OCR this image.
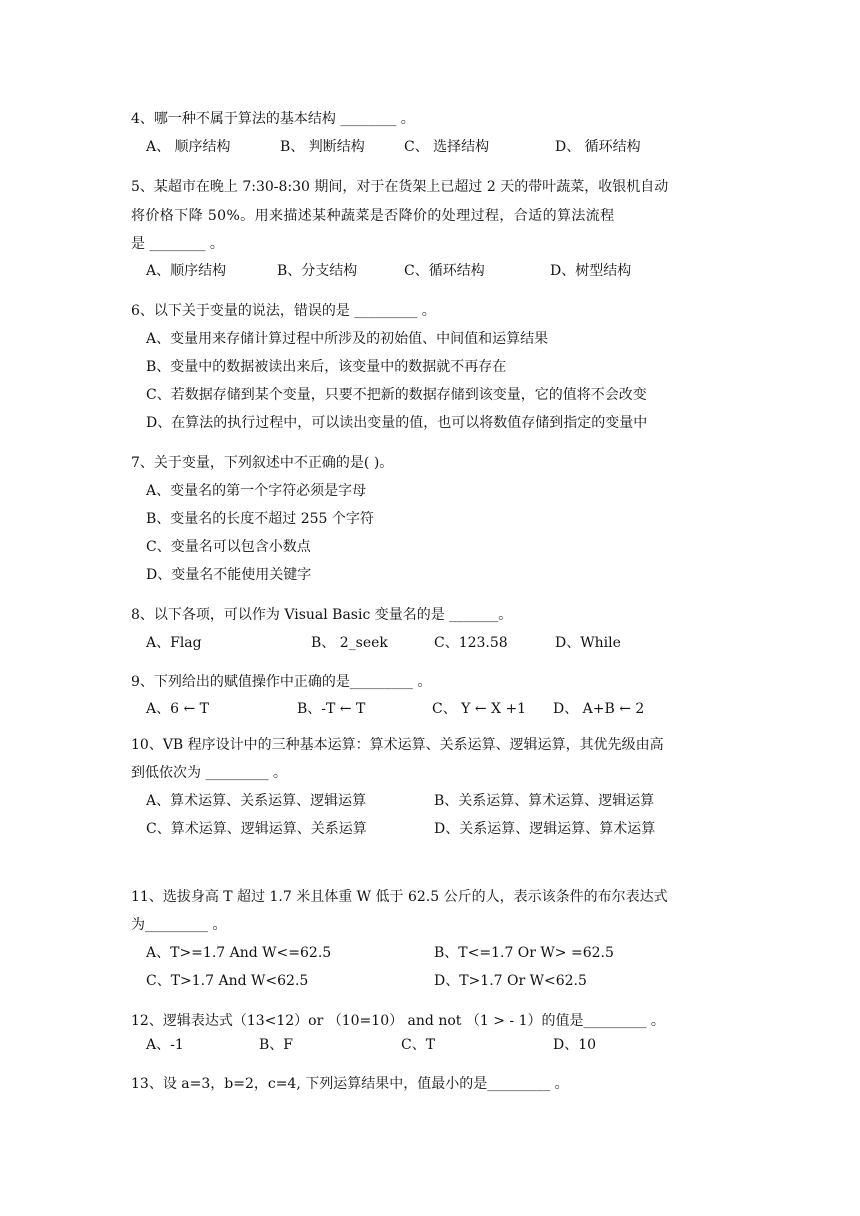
4、哪一种不属于算法的基本结构 ________ 。
A、 顺序结构	B、 判断结构	C、 选择结构	D、 循环结构
5、某超市在晚上 7:30-8:30 期间，对于在货架上已超过 2 天的带叶蔬菜，收银机自动
将价格下降 50%。用来描述某种蔬菜是否降价的处理过程，合适的算法流程
是 ________ 。
A、顺序结构	B、分支结构	C、循环结构	D、树型结构
6、以下关于变量的说法，错误的是 _________ 。
A、变量用来存储计算过程中所涉及的初始值、中间值和运算结果
B、变量中的数据被读出来后，该变量中的数据就不再存在
C、若数据存储到某个变量，只要不把新的数据存储到该变量，它的值将不会改变
D、在算法的执行过程中，可以读出变量的值，也可以将数值存储到指定的变量中
7、关于变量，下列叙述中不正确的是( )。
A、变量名的第一个字符必须是字母
B、变量名的长度不超过 255 个字符
C、变量名可以包含小数点
D、变量名不能使用关键字
8、以下各项，可以作为 Visual Basic 变量名的是 _______。
A、Flag	B、 2_seek	C、123.58	D、While
9、下列给出的赋值操作中正确的是_________ 。
A、6 ← T	B、-T ← T	C、 Y ← X +1 D、 A+B ← 2
10、VB 程序设计中的三种基本运算：算术运算、关系运算、逻辑运算，其优先级由高
到低依次为 _________ 。
A、算术运算、关系运算、逻辑运算	B、关系运算、算术运算、逻辑运算
C、算术运算、逻辑运算、关系运算	D、关系运算、逻辑运算、算术运算
11、选拔身高 T 超过 1.7 米且体重 W 低于 62.5 公斤的人，表示该条件的布尔表达式
为_________ 。
A、T>=1.7 And W<=62.5	B、T<=1.7 Or W> =62.5
C、T>1.7 And W<62.5	D、T>1.7 Or W<62.5
12、逻辑表达式（13<12）or （10=10） and not （1 > - 1）的值是_________ 。
A、-1	B、F	C、T	D、10
13、设 a=3，b=2，c=4, 下列运算结果中，值最小的是_________ 。
